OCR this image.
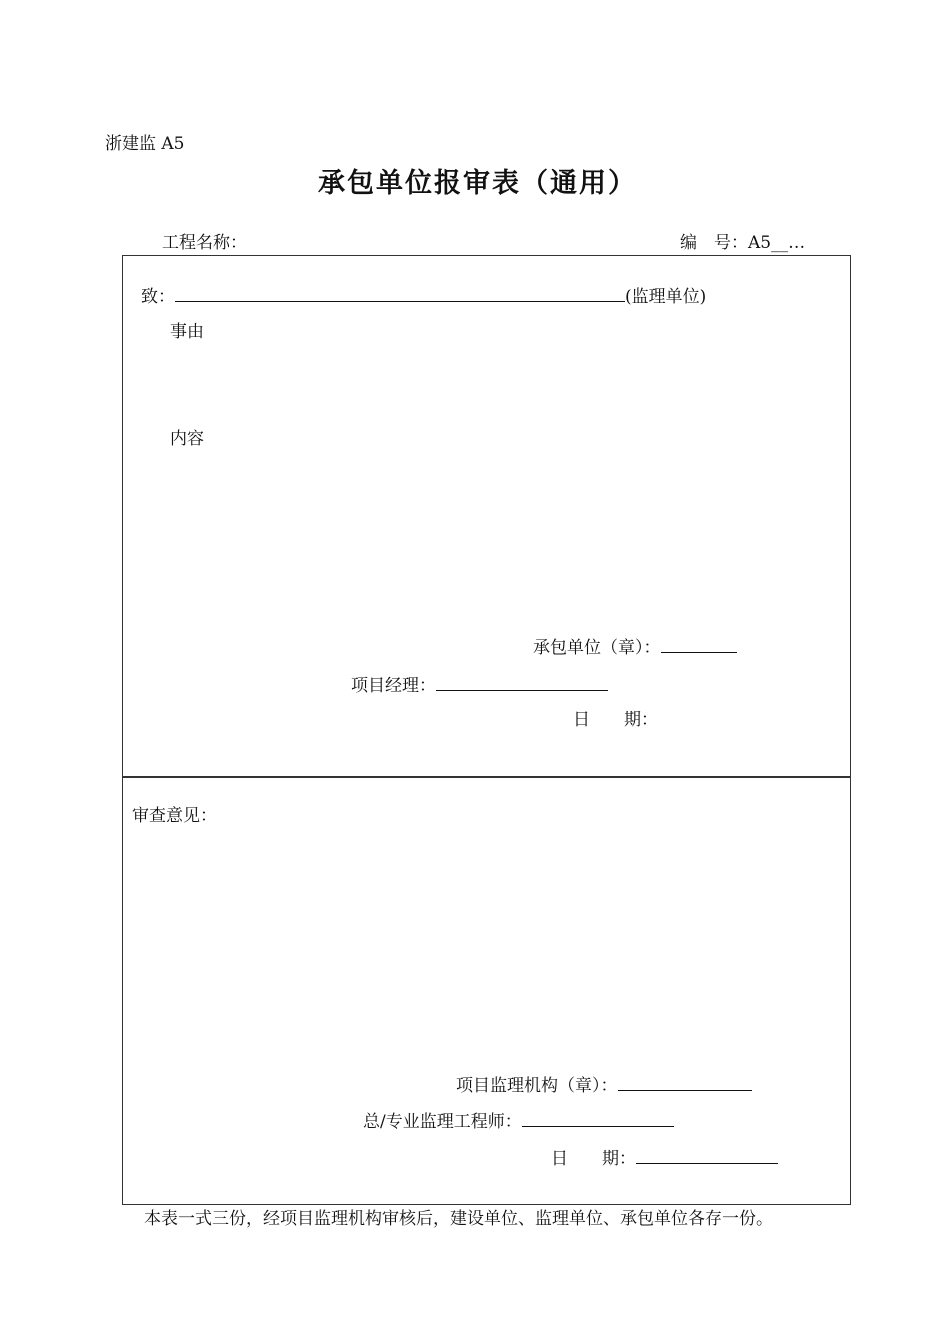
浙建监 A5
承包单位报审表（通用）
工程名称：	编　号：A5__…
致：	(监理单位)
事由
内容
承包单位（章）：
项目经理：
日　　期：
审查意见：
项目监理机构（章）：
总/专业监理工程师：
日　　期：
本表一式三份，经项目监理机构审核后，建设单位、监理单位、承包单位各存一份。
